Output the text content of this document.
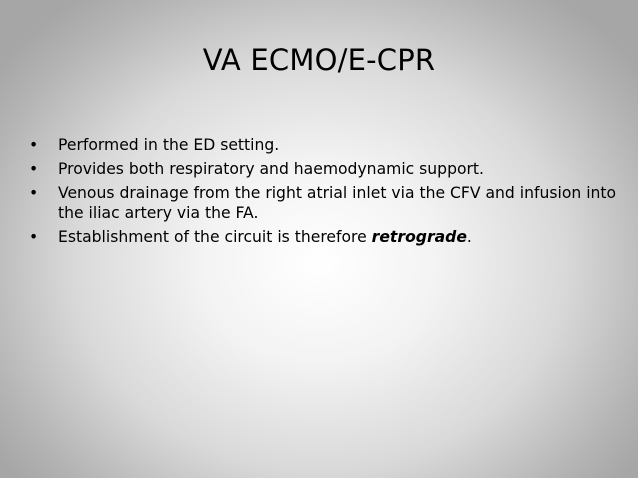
VA ECMO/E-CPR
• Performed in the ED setting.
• Provides both respiratory and haemodynamic support.
• Venous drainage from the right atrial inlet via the CFV and infusion into the iliac artery via the FA.
• Establishment of the circuit is therefore retrograde.
